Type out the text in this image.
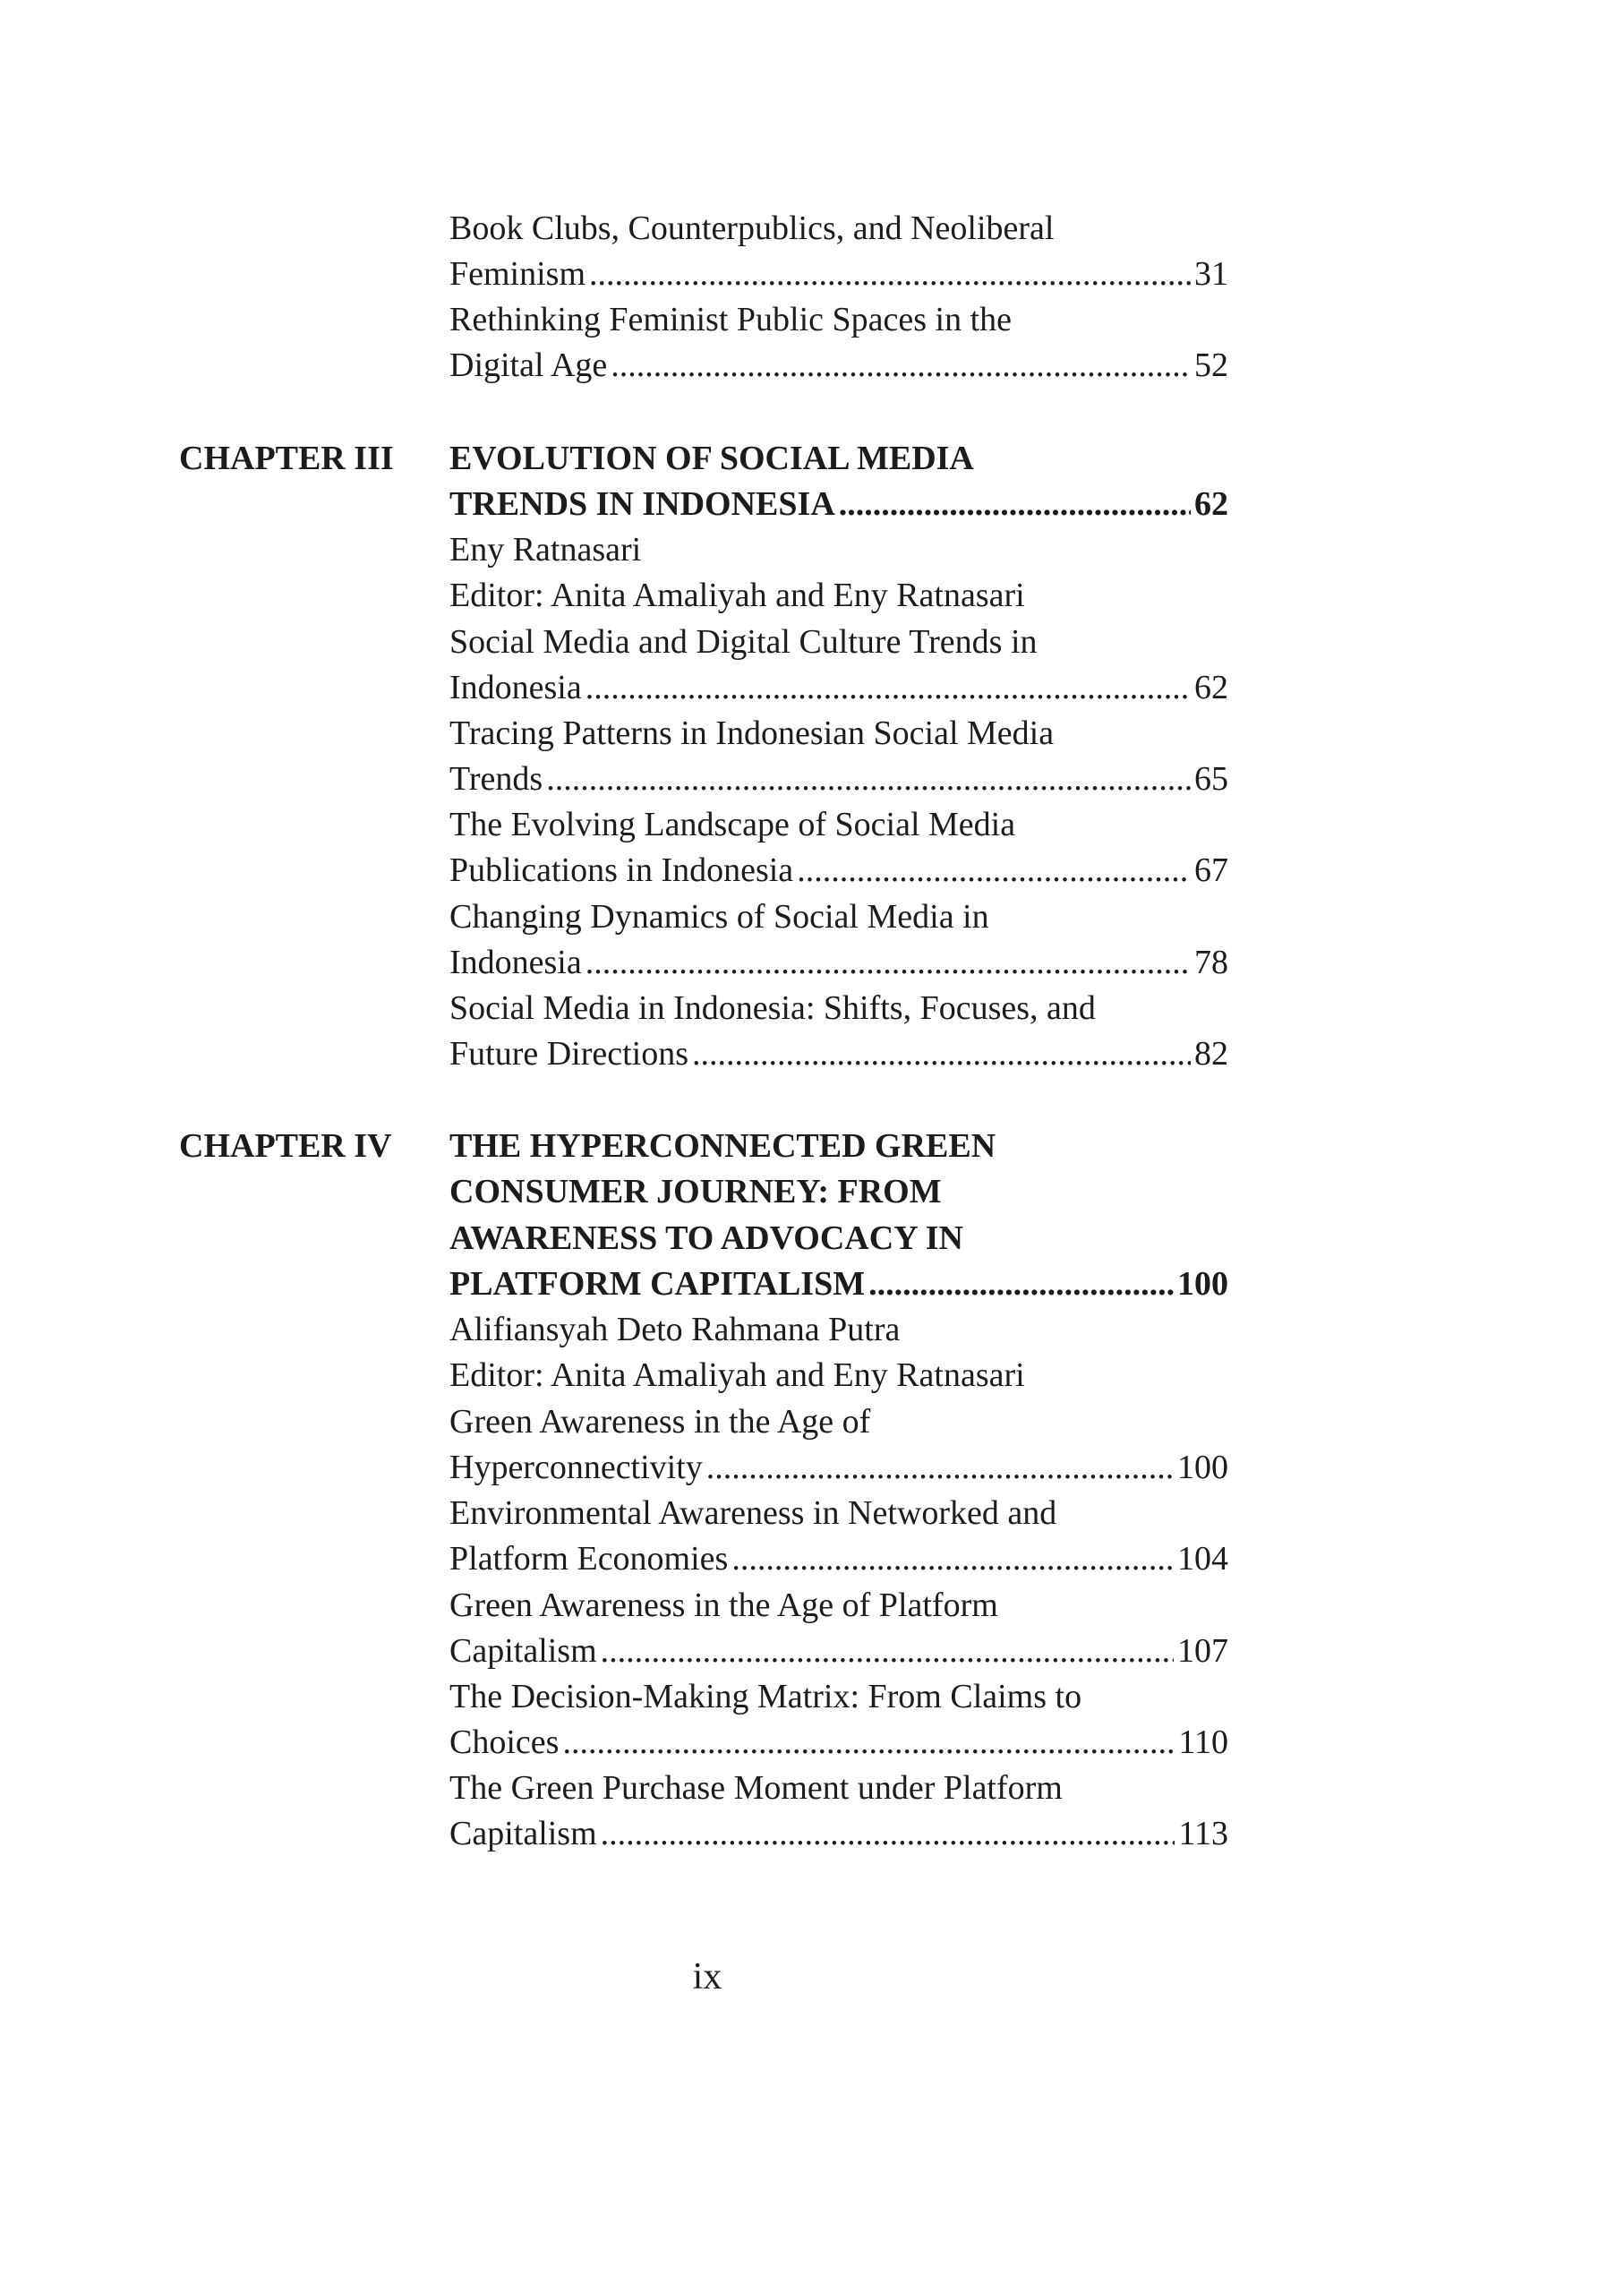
Book Clubs, Counterpublics, and Neoliberal
Feminism .....	31
Rethinking Feminist Public Spaces in the
Digital Age .....	52
CHAPTER III EVOLUTION OF SOCIAL MEDIA
TRENDS IN INDONESIA .....	62
Eny Ratnasari
Editor: Anita Amaliyah and Eny Ratnasari
Social Media and Digital Culture Trends in
Indonesia .....	62
Tracing Patterns in Indonesian Social Media
Trends .....	65
The Evolving Landscape of Social Media
Publications in Indonesia .....	67
Changing Dynamics of Social Media in
Indonesia .....	78
Social Media in Indonesia: Shifts, Focuses, and
Future Directions .....	82
CHAPTER IV THE HYPERCONNECTED GREEN
CONSUMER JOURNEY: FROM
AWARENESS TO ADVOCACY IN
PLATFORM CAPITALISM .....	100
Alifiansyah Deto Rahmana Putra
Editor: Anita Amaliyah and Eny Ratnasari
Green Awareness in the Age of
Hyperconnectivity .....	100
Environmental Awareness in Networked and
Platform Economies .....	104
Green Awareness in the Age of Platform
Capitalism .....	107
The Decision-Making Matrix: From Claims to
Choices .....	110
The Green Purchase Moment under Platform
Capitalism .....	113
ix
